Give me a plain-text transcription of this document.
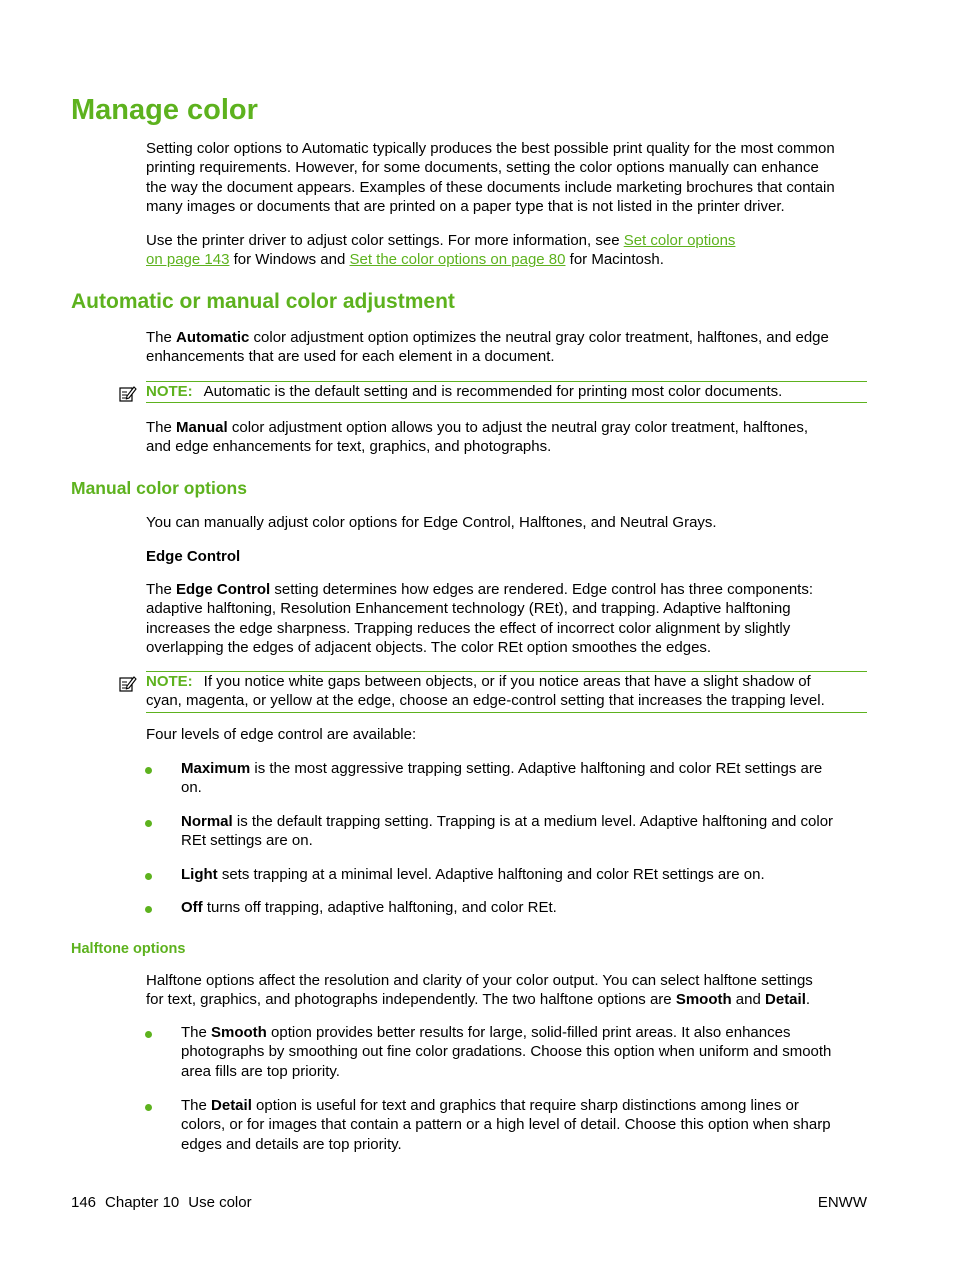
Manage color
Setting color options to Automatic typically produces the best possible print quality for the most common
printing requirements. However, for some documents, setting the color options manually can enhance
the way the document appears. Examples of these documents include marketing brochures that contain
many images or documents that are printed on a paper type that is not listed in the printer driver.
Use the printer driver to adjust color settings. For more information, see Set color options
on page 143 for Windows and Set the color options on page 80 for Macintosh.
Automatic or manual color adjustment
The Automatic color adjustment option optimizes the neutral gray color treatment, halftones, and edge
enhancements that are used for each element in a document.
NOTE: Automatic is the default setting and is recommended for printing most color documents.
The Manual color adjustment option allows you to adjust the neutral gray color treatment, halftones,
and edge enhancements for text, graphics, and photographs.
Manual color options
You can manually adjust color options for Edge Control, Halftones, and Neutral Grays.
Edge Control
The Edge Control setting determines how edges are rendered. Edge control has three components:
adaptive halftoning, Resolution Enhancement technology (REt), and trapping. Adaptive halftoning
increases the edge sharpness. Trapping reduces the effect of incorrect color alignment by slightly
overlapping the edges of adjacent objects. The color REt option smoothes the edges.
NOTE: If you notice white gaps between objects, or if you notice areas that have a slight shadow of
cyan, magenta, or yellow at the edge, choose an edge-control setting that increases the trapping level.
Four levels of edge control are available:
Maximum is the most aggressive trapping setting. Adaptive halftoning and color REt settings are
on.
Normal is the default trapping setting. Trapping is at a medium level. Adaptive halftoning and color
REt settings are on.
Light sets trapping at a minimal level. Adaptive halftoning and color REt settings are on.
Off turns off trapping, adaptive halftoning, and color REt.
Halftone options
Halftone options affect the resolution and clarity of your color output. You can select halftone settings
for text, graphics, and photographs independently. The two halftone options are Smooth and Detail.
The Smooth option provides better results for large, solid-filled print areas. It also enhances
photographs by smoothing out fine color gradations. Choose this option when uniform and smooth
area fills are top priority.
The Detail option is useful for text and graphics that require sharp distinctions among lines or
colors, or for images that contain a pattern or a high level of detail. Choose this option when sharp
edges and details are top priority.
146 Chapter 10 Use color	ENWW
